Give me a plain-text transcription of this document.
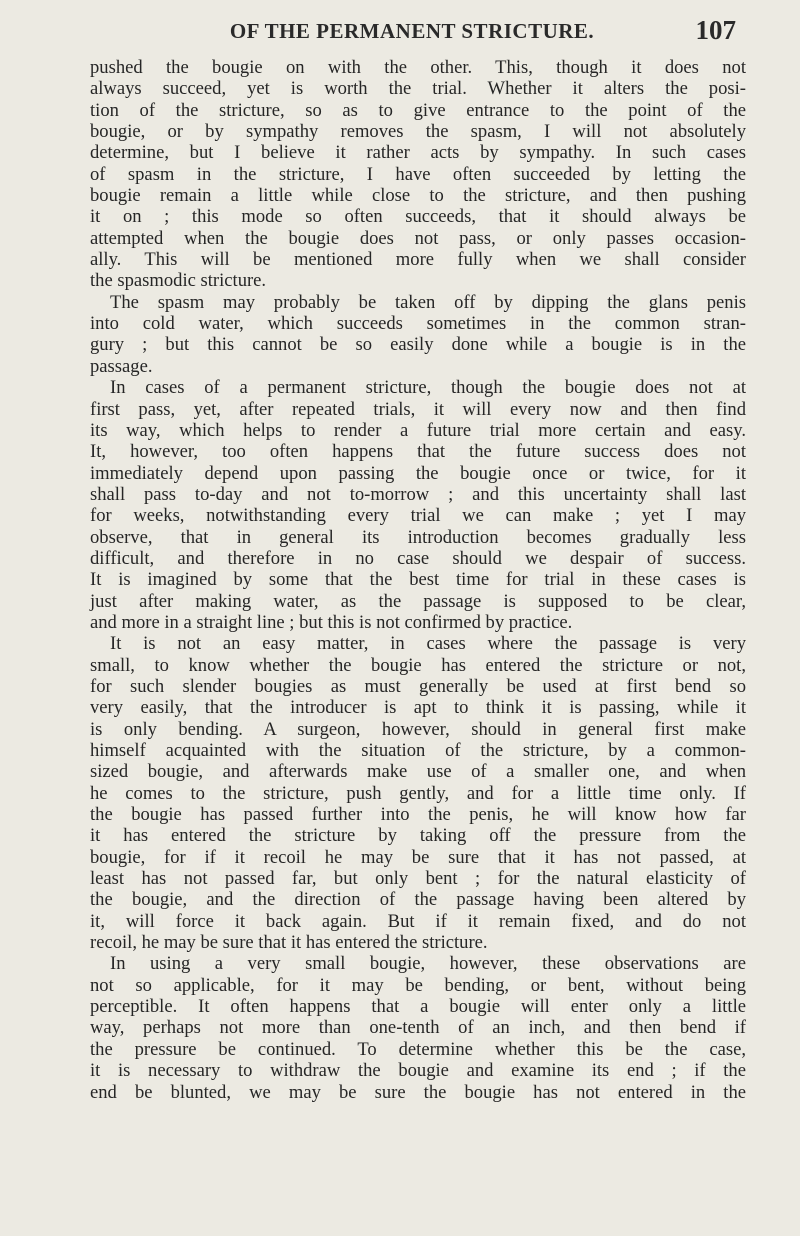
OF THE PERMANENT STRICTURE.	107

pushed the bougie on with the other. This, though it does not
always succeed, yet is worth the trial. Whether it alters the posi-
tion of the stricture, so as to give entrance to the point of the
bougie, or by sympathy removes the spasm, I will not absolutely
determine, but I believe it rather acts by sympathy. In such cases
of spasm in the stricture, I have often succeeded by letting the
bougie remain a little while close to the stricture, and then pushing
it on ; this mode so often succeeds, that it should always be
attempted when the bougie does not pass, or only passes occasion-
ally. This will be mentioned more fully when we shall consider
the spasmodic stricture.

The spasm may probably be taken off by dipping the glans penis
into cold water, which succeeds sometimes in the common stran-
gury ; but this cannot be so easily done while a bougie is in the
passage.

In cases of a permanent stricture, though the bougie does not at
first pass, yet, after repeated trials, it will every now and then find
its way, which helps to render a future trial more certain and easy.
It, however, too often happens that the future success does not
immediately depend upon passing the bougie once or twice, for it
shall pass to-day and not to-morrow ; and this uncertainty shall last
for weeks, notwithstanding every trial we can make ; yet I may
observe, that in general its introduction becomes gradually less
difficult, and therefore in no case should we despair of success.
It is imagined by some that the best time for trial in these cases is
just after making water, as the passage is supposed to be clear,
and more in a straight line ; but this is not confirmed by practice.

It is not an easy matter, in cases where the passage is very
small, to know whether the bougie has entered the stricture or not,
for such slender bougies as must generally be used at first bend so
very easily, that the introducer is apt to think it is passing, while it
is only bending. A surgeon, however, should in general first make
himself acquainted with the situation of the stricture, by a common-
sized bougie, and afterwards make use of a smaller one, and when
he comes to the stricture, push gently, and for a little time only. If
the bougie has passed further into the penis, he will know how far
it has entered the stricture by taking off the pressure from the
bougie, for if it recoil he may be sure that it has not passed, at
least has not passed far, but only bent ; for the natural elasticity of
the bougie, and the direction of the passage having been altered by
it, will force it back again. But if it remain fixed, and do not
recoil, he may be sure that it has entered the stricture.

In using a very small bougie, however, these observations are
not so applicable, for it may be bending, or bent, without being
perceptible. It often happens that a bougie will enter only a little
way, perhaps not more than one-tenth of an inch, and then bend if
the pressure be continued. To determine whether this be the case,
it is necessary to withdraw the bougie and examine its end ; if the
end be blunted, we may be sure the bougie has not entered in the
